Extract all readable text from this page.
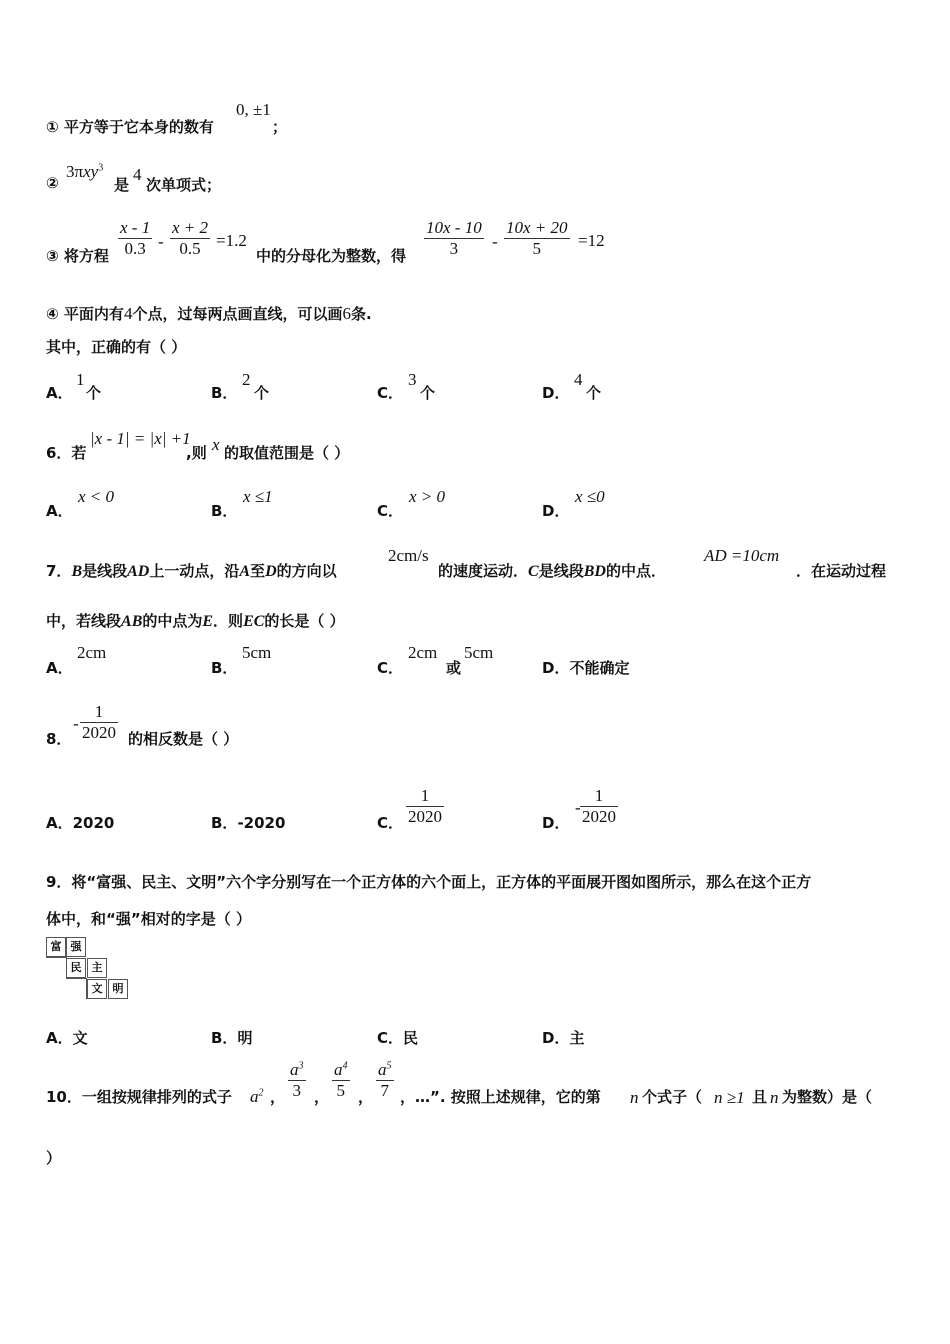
① 平方等于它本身的数有
0, ±1
；
②
3πxy$^3$
是
4
次单项式；
③ 将方程 $\frac{x - 1}{0.3} - \frac{x + 2}{0.5} =1.2$
中的分母化为整数，得 $\frac{10x - 10}{3} - \frac{10x + 20}{5} =12$
④ 平面内有4个点，过每两点画直线，可以画6条.
其中，正确的有（ ）
A．
1
个	B．
2
个	C．
3
个	D．
4
个
6．若
|x - 1| = |x| +1
,则 x 的取值范围是（ ）
A．
x < 0
B．
x ≤1
C．
x > 0
D．
x ≤0
7．B是线段AD上一动点，沿A至D的方向以
2cm/s
的速度运动．C是线段BD的中点．
AD =10cm
．在运动过程
中，若线段AB的中点为E．则EC的长是（ ）
A．
2cm
B．
5cm
C．
2cm
或
5cm
D．不能确定
8．
- $\frac{1}{2020}$ 的相反数是（ ）
A．2020	B．-2020	C． $\frac{1}{2020}$	D．
- $\frac{1}{2020}$
9．将“富强、民主、文明”六个字分别写在一个正方体的六个面上，正方体的平面展开图如图所示，那么在这个正方
体中，和“强”相对的字是（ ）
富 强
民 主
文 明
A．文	B．明	C．民	D．主
10．一组按规律排列的式子 $a^2$ ， $\frac{a^3}{3}$ ， $\frac{a^4}{5}$ ， $\frac{a^5}{7}$ ，…”. 按照上述规律，它的第 n 个式子（ n ≥1 且 n 为整数）是（
）
